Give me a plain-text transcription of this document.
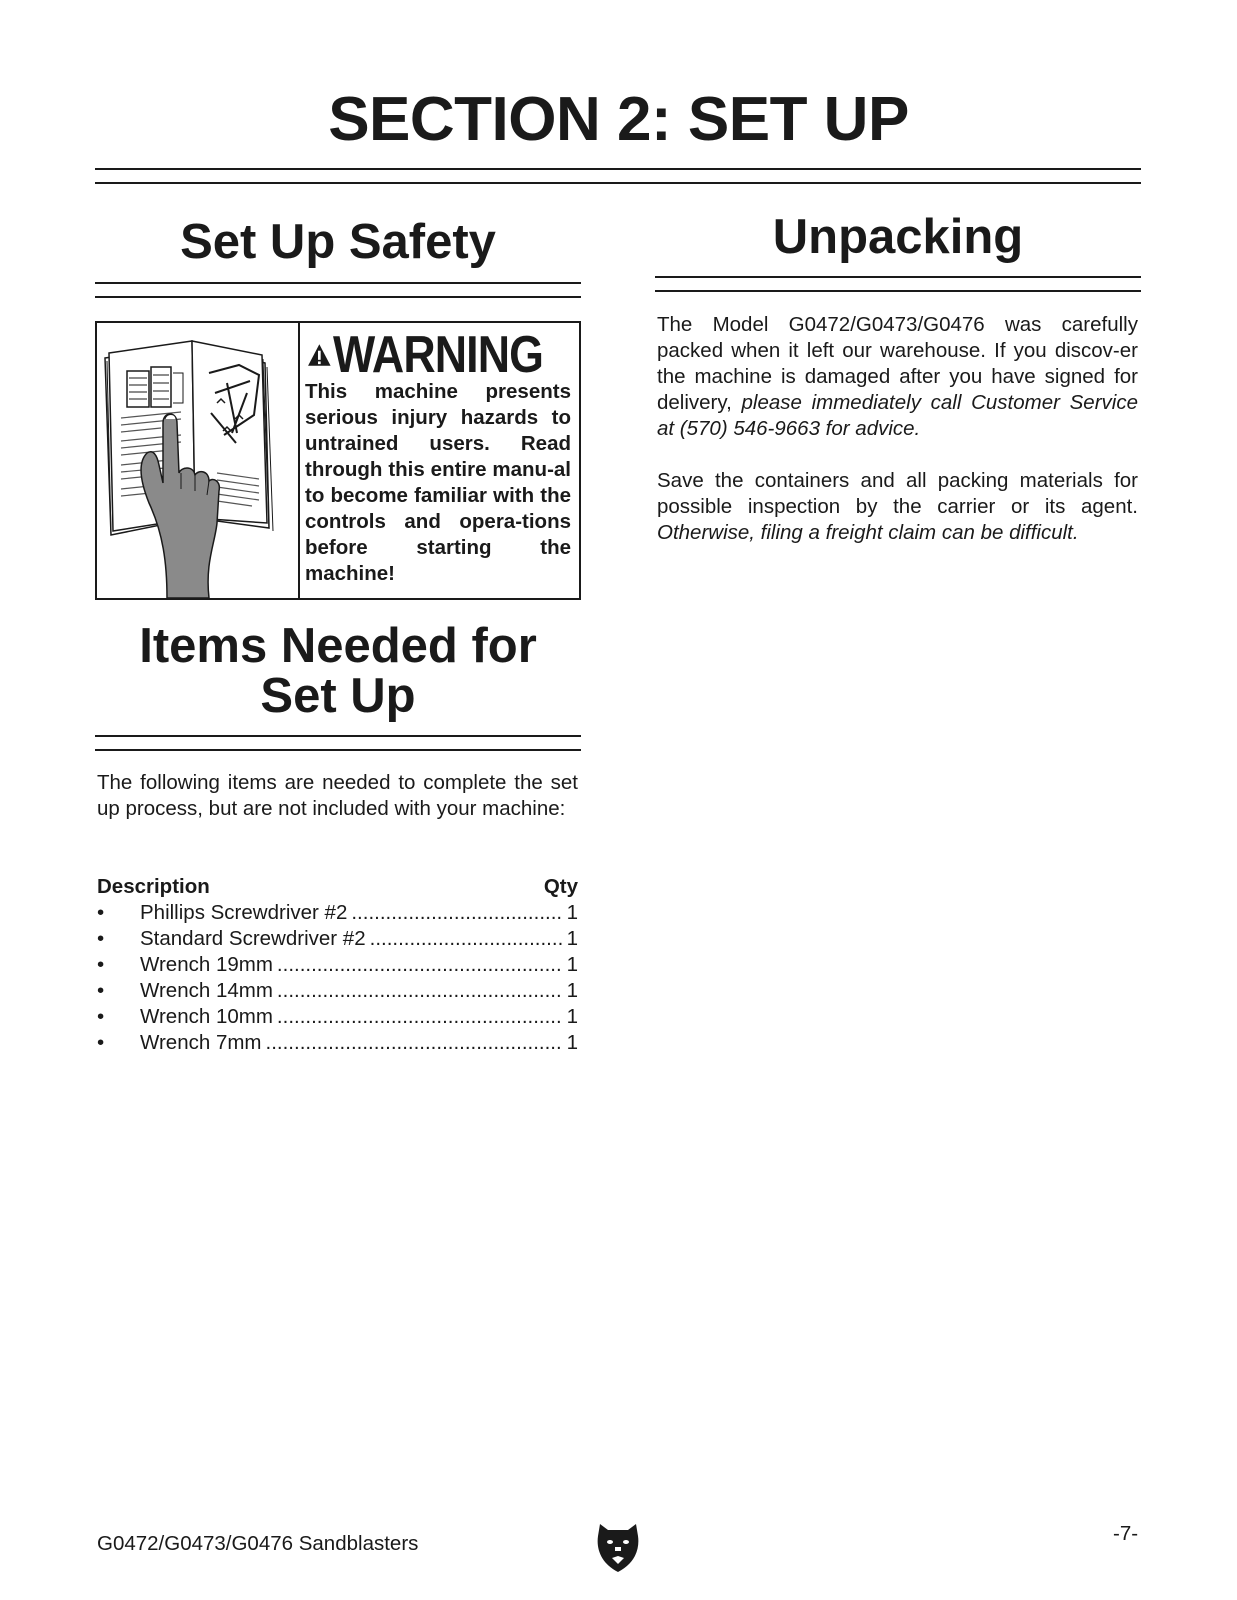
SECTION 2: SET UP
Set Up Safety
WARNING

This machine presents serious injury hazards to untrained users. Read through this entire manu-al to become familiar with the controls and opera-tions before starting the machine!

Items Needed for
Set Up

The following items are needed to complete the set up process, but are not included with your machine:

Description	Qty
•	Phillips Screwdriver #2 .....	1
•	Standard Screwdriver #2 .....	1
•	Wrench 19mm .....	1
•	Wrench 14mm .....	1
•	Wrench 10mm .....	1
•	Wrench 7mm .....	1
Unpacking

The Model G0472/G0473/G0476 was carefully packed when it left our warehouse. If you discov-er the machine is damaged after you have signed for delivery, please immediately call Customer Service at (570) 546-9663 for advice.

Save the containers and all packing materials for possible inspection by the carrier or its agent. Otherwise, filing a freight claim can be difficult.

G0472/G0473/G0476 Sandblasters	-7-
